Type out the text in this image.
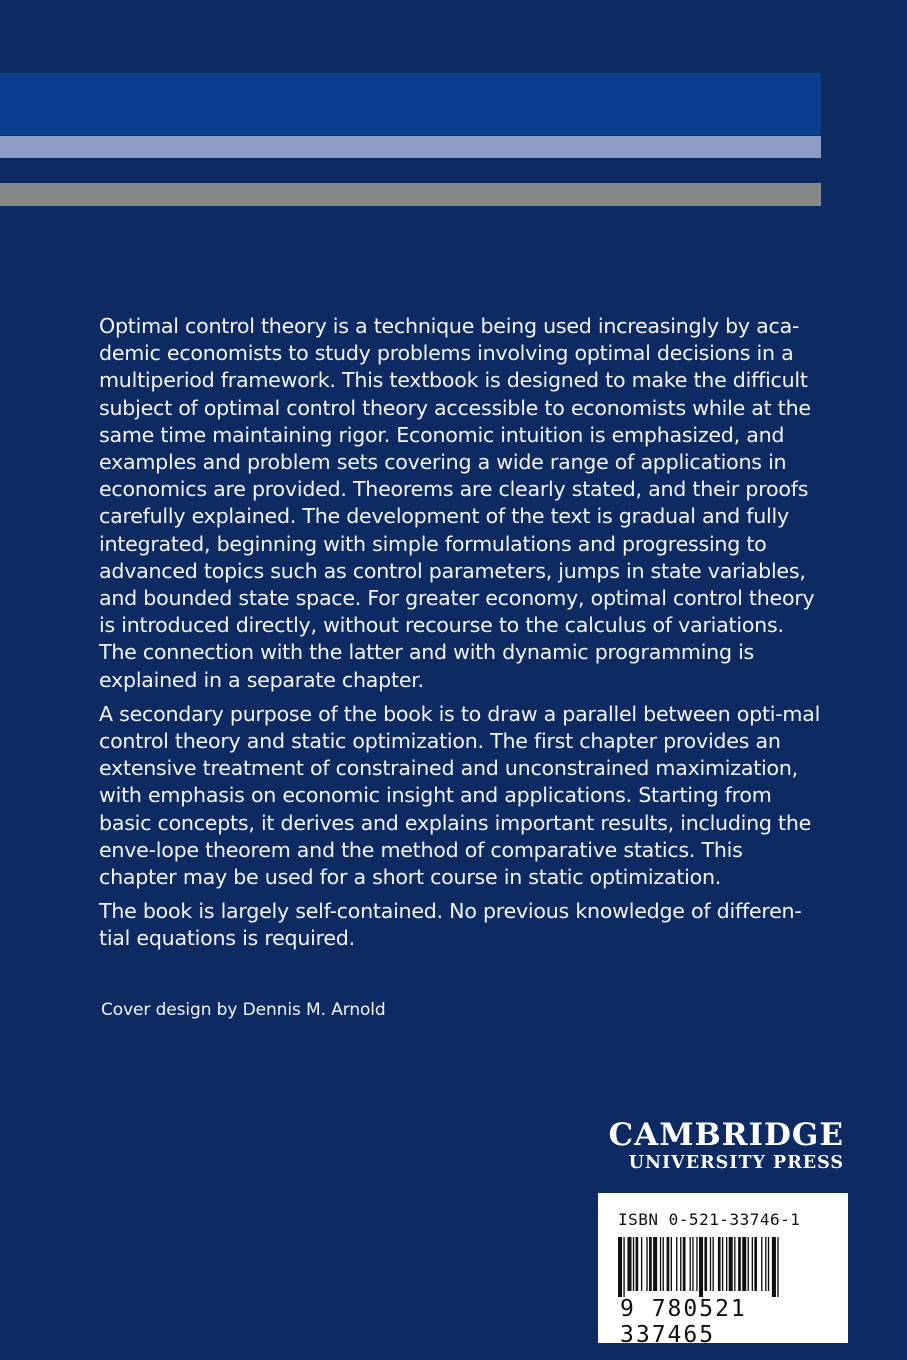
Optimal control theory is a technique being used increasingly by aca-demic economists to study problems involving optimal decisions in a multiperiod framework. This textbook is designed to make the difficult subject of optimal control theory accessible to economists while at the same time maintaining rigor. Economic intuition is emphasized, and examples and problem sets covering a wide range of applications in economics are provided. Theorems are clearly stated, and their proofs carefully explained. The development of the text is gradual and fully integrated, beginning with simple formulations and progressing to advanced topics such as control parameters, jumps in state variables, and bounded state space. For greater economy, optimal control theory is introduced directly, without recourse to the calculus of variations. The connection with the latter and with dynamic programming is explained in a separate chapter.

A secondary purpose of the book is to draw a parallel between opti-mal control theory and static optimization. The first chapter provides an extensive treatment of constrained and unconstrained maximization, with emphasis on economic insight and applications. Starting from basic concepts, it derives and explains important results, including the enve-lope theorem and the method of comparative statics. This chapter may be used for a short course in static optimization.

The book is largely self-contained. No previous knowledge of differen-tial equations is required.

Cover design by Dennis M. Arnold
CAMBRIDGE
UNIVERSITY PRESS
ISBN 0-521-33746-1
9 780521 337465
